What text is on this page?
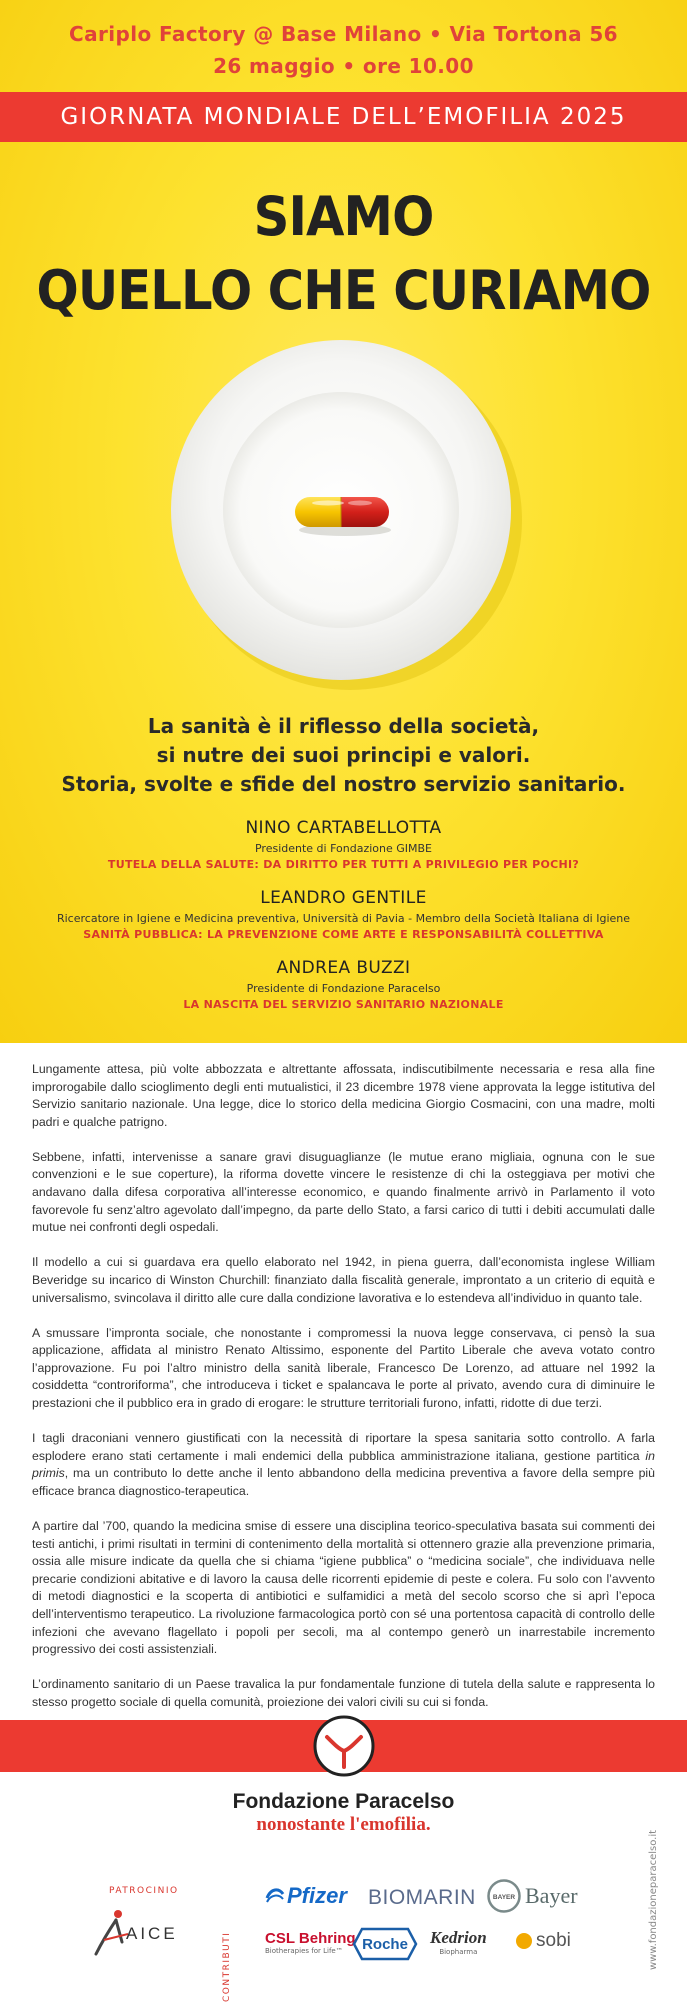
Cariplo Factory @ Base Milano • Via Tortona 56
26 maggio • ore 10.00
GIORNATA MONDIALE DELL’EMOFILIA 2025
SIAMO
QUELLO CHE CURIAMO
La sanità è il riflesso della società,
si nutre dei suoi principi e valori.
Storia, svolte e sfide del nostro servizio sanitario.
NINO CARTABELLOTTA
Presidente di Fondazione GIMBE
TUTELA DELLA SALUTE: DA DIRITTO PER TUTTI A PRIVILEGIO PER POCHI?
LEANDRO GENTILE
Ricercatore in Igiene e Medicina preventiva, Università di Pavia - Membro della Società Italiana di Igiene
SANITÀ PUBBLICA: LA PREVENZIONE COME ARTE E RESPONSABILITÀ COLLETTIVA
ANDREA BUZZI
Presidente di Fondazione Paracelso
LA NASCITA DEL SERVIZIO SANITARIO NAZIONALE

Lungamente attesa, più volte abbozzata e altrettante affossata, indiscutibilmente necessaria e resa alla fine improrogabile dallo scioglimento degli enti mutualistici, il 23 dicembre 1978 viene approvata la legge istitutiva del Servizio sanitario nazionale. Una legge, dice lo storico della medicina Giorgio Cosmacini, con una madre, molti padri e qualche patrigno.

Sebbene, infatti, intervenisse a sanare gravi disuguaglianze (le mutue erano migliaia, ognuna con le sue convenzioni e le sue coperture), la riforma dovette vincere le resistenze di chi la osteggiava per motivi che andavano dalla difesa corporativa all’interesse economico, e quando finalmente arrivò in Parlamento il voto favorevole fu senz’altro agevolato dall’impegno, da parte dello Stato, a farsi carico di tutti i debiti accumulati dalle mutue nei confronti degli ospedali.

Il modello a cui si guardava era quello elaborato nel 1942, in piena guerra, dall’economista inglese William Beveridge su incarico di Winston Churchill: finanziato dalla fiscalità generale, improntato a un criterio di equità e universalismo, svincolava il diritto alle cure dalla condizione lavorativa e lo estendeva all’individuo in quanto tale.

A smussare l’impronta sociale, che nonostante i compromessi la nuova legge conservava, ci pensò la sua applicazione, affidata al ministro Renato Altissimo, esponente del Partito Liberale che aveva votato contro l’approvazione. Fu poi l’altro ministro della sanità liberale, Francesco De Lorenzo, ad attuare nel 1992 la cosiddetta “controriforma”, che introduceva i ticket e spalancava le porte al privato, avendo cura di diminuire le prestazioni che il pubblico era in grado di erogare: le strutture territoriali furono, infatti, ridotte di due terzi.

I tagli draconiani vennero giustificati con la necessità di riportare la spesa sanitaria sotto controllo. A farla esplodere erano stati certamente i mali endemici della pubblica amministrazione italiana, gestione partitica in primis, ma un contributo lo dette anche il lento abbandono della medicina preventiva a favore della sempre più efficace branca diagnostico-terapeutica.

A partire dal ’700, quando la medicina smise di essere una disciplina teorico-speculativa basata sui commenti dei testi antichi, i primi risultati in termini di contenimento della mortalità si ottennero grazie alla prevenzione primaria, ossia alle misure indicate da quella che si chiama “igiene pubblica” o “medicina sociale”, che individuava nelle precarie condizioni abitative e di lavoro la causa delle ricorrenti epidemie di peste e colera. Fu solo con l’avvento di metodi diagnostici e la scoperta di antibiotici e sulfamidici a metà del secolo scorso che si aprì l’epoca dell’interventismo terapeutico. La rivoluzione farmacologica portò con sé una portentosa capacità di controllo delle infezioni che avevano flagellato i popoli per secoli, ma al contempo generò un inarrestabile incremento progressivo dei costi assistenziali.

L’ordinamento sanitario di un Paese travalica la pur fondamentale funzione di tutela della salute e rappresenta lo stesso progetto sociale di quella comunità, proiezione dei valori civili su cui si fonda.

Fondazione Paracelso
nonostante l'emofilia.
www.fondazioneparacelso.it
PATROCINIO
AICE	CONTRIBUTI
Pfizer BIOMARIN	BAYER Bayer
CSL Behring
Biotherapies for Life™ Roche Kedrion
Biopharma
sobi
